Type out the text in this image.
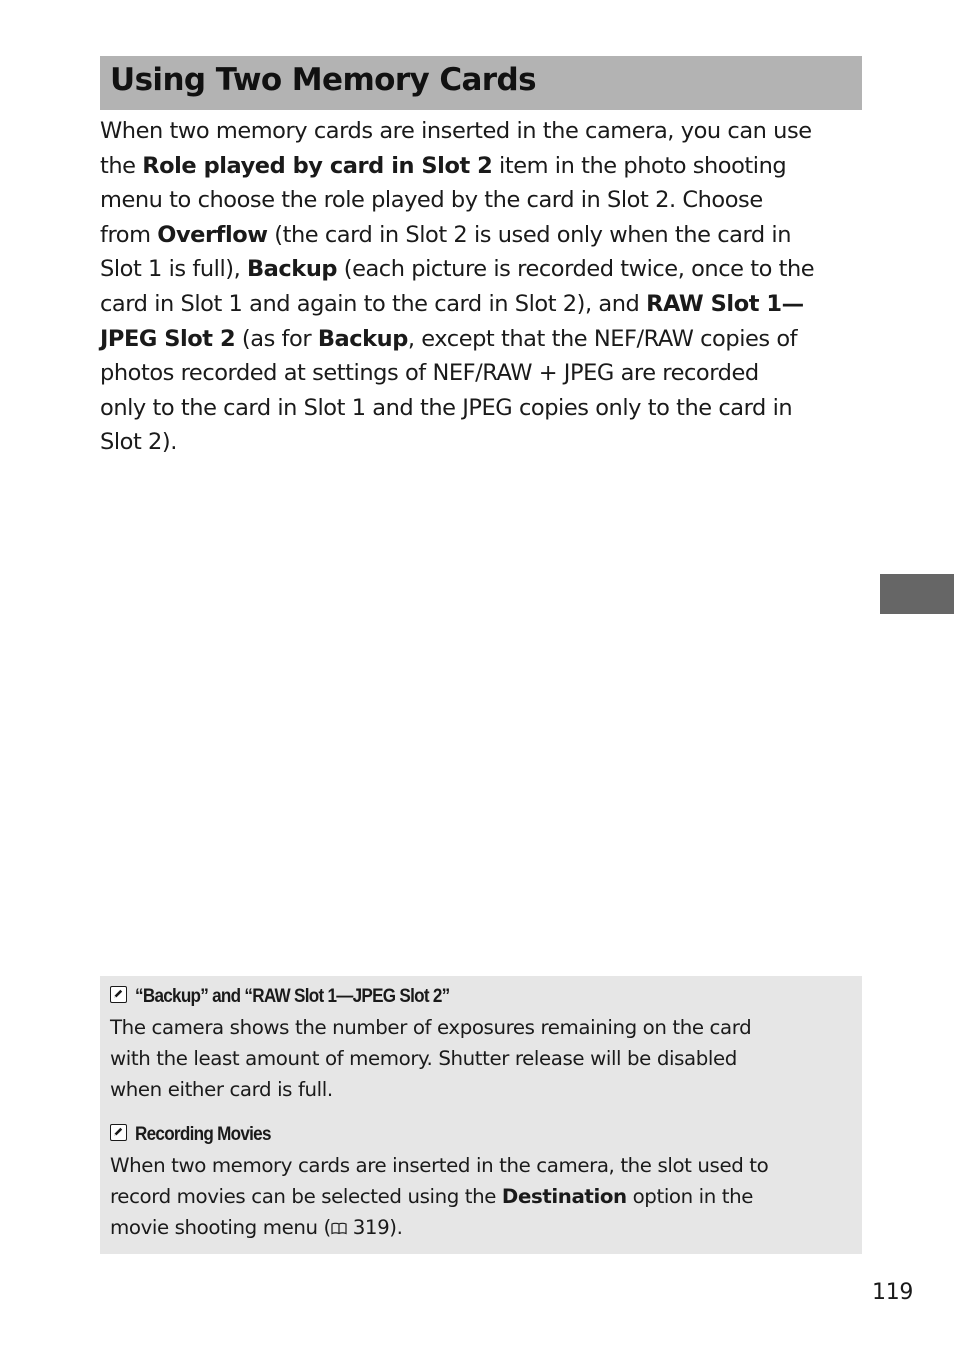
Using Two Memory Cards

When two memory cards are inserted in the camera, you can use
the Role played by card in Slot 2 item in the photo shooting
menu to choose the role played by the card in Slot 2. Choose
from Overflow (the card in Slot 2 is used only when the card in
Slot 1 is full), Backup (each picture is recorded twice, once to the
card in Slot 1 and again to the card in Slot 2), and RAW Slot 1—
JPEG Slot 2 (as for Backup, except that the NEF/RAW copies of
photos recorded at settings of NEF/RAW + JPEG are recorded
only to the card in Slot 1 and the JPEG copies only to the card in
Slot 2).

“Backup” and “RAW Slot 1—JPEG Slot 2”
The camera shows the number of exposures remaining on the card
with the least amount of memory. Shutter release will be disabled
when either card is full.
Recording Movies
When two memory cards are inserted in the camera, the slot used to
record movies can be selected using the Destination option in the
movie shooting menu ( 319).
119
